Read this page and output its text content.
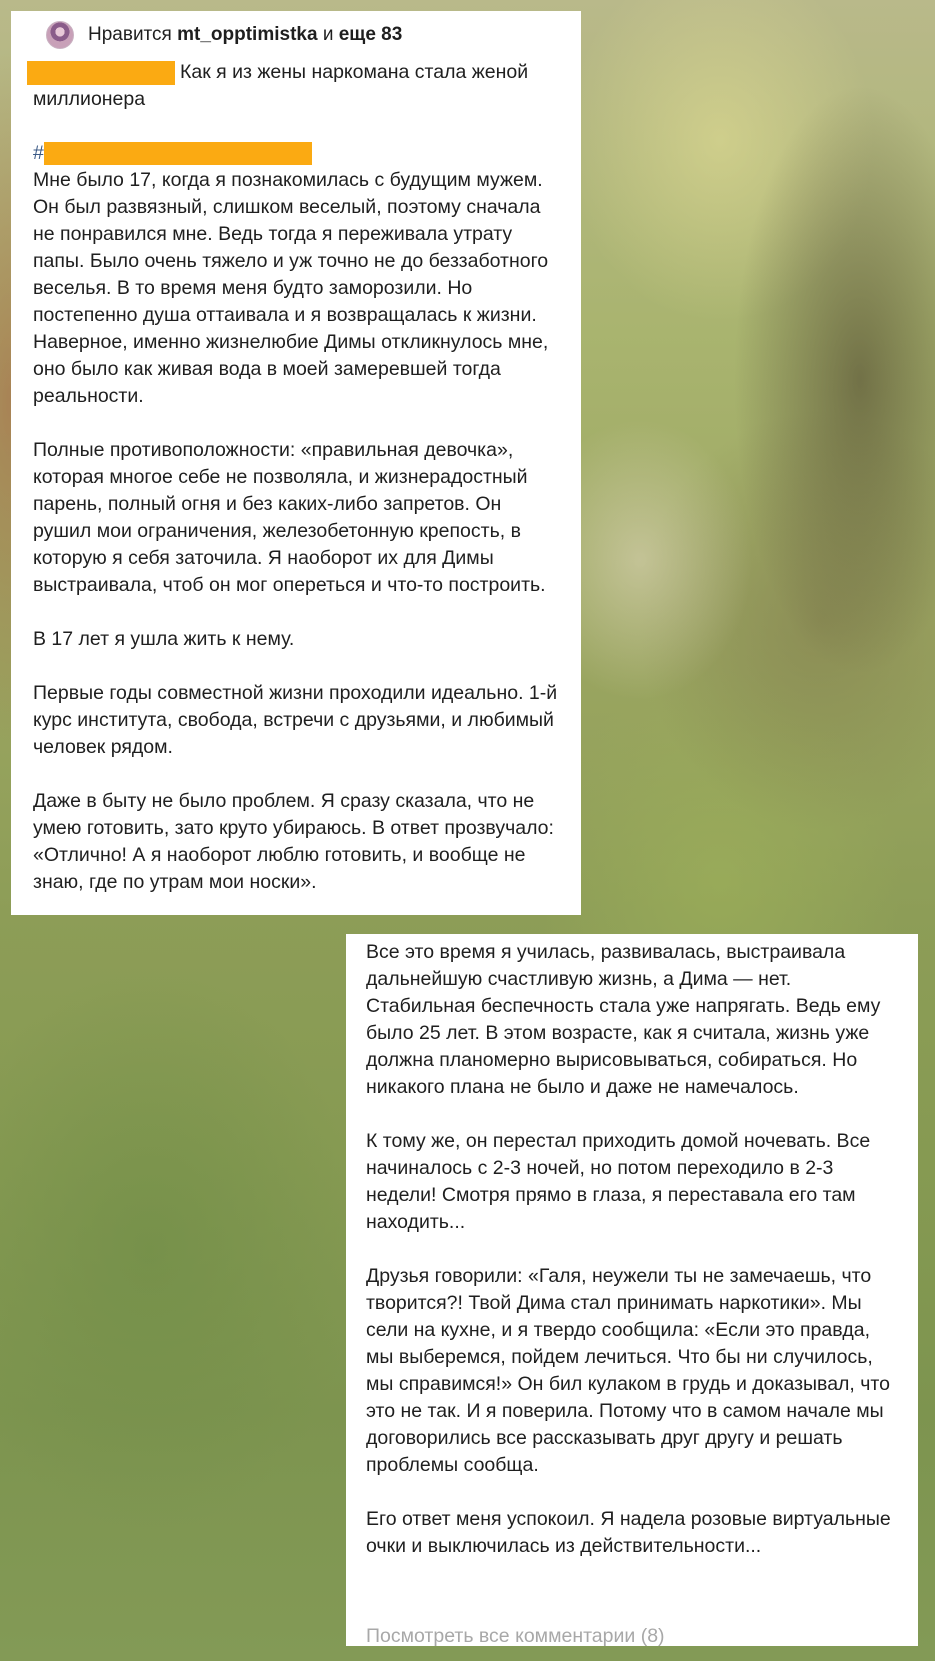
Нравится
mt_opptimistka
и
еще 83

Как я из жены наркомана стала женой миллионера

#

Мне было 17, когда я познакомилась с будущим мужем. Он был развязный, слишком веселый, поэтому сначала не понравился мне. Ведь тогда я переживала утрату папы. Было очень тяжело и уж точно не до беззаботного веселья. В то время меня будто заморозили. Но постепенно душа оттаивала и я возвращалась к жизни. Наверное, именно жизнелюбие Димы откликнулось мне, оно было как живая вода в моей замеревшей тогда реальности.

Полные противоположности: «правильная девочка», которая многое себе не позволяла, и жизнерадостный парень, полный огня и без каких-либо запретов. Он рушил мои ограничения, железобетонную крепость, в которую я себя заточила. Я наоборот их для Димы выстраивала, чтоб он мог опереться и что-то построить.

В 17 лет я ушла жить к нему.

Первые годы совместной жизни проходили идеально. 1-й курс института, свобода, встречи с друзьями, и любимый человек рядом.

Даже в быту не было проблем. Я сразу сказала, что не умею готовить, зато круто убираюсь. В ответ прозвучало: «Отлично! А я наоборот люблю готовить, и вообще не знаю, где по утрам мои носки».

Все это время я училась, развивалась, выстраивала дальнейшую счастливую жизнь, а Дима — нет. Стабильная беспечность стала уже напрягать. Ведь ему было 25 лет. В этом возрасте, как я считала, жизнь уже должна планомерно вырисовываться, собираться. Но никакого плана не было и даже не намечалось.

К тому же, он перестал приходить домой ночевать. Все начиналось с 2-3 ночей, но потом переходило в 2-3 недели! Смотря прямо в глаза, я переставала его там находить...

Друзья говорили: «Галя, неужели ты не замечаешь, что творится?! Твой Дима стал принимать наркотики». Мы сели на кухне, и я твердо сообщила: «Если это правда, мы выберемся, пойдем лечиться. Что бы ни случилось, мы справимся!» Он бил кулаком в грудь и доказывал, что это не так. И я поверила. Потому что в самом начале мы договорились все рассказывать друг другу и решать проблемы сообща.

Его ответ меня успокоил. Я надела розовые виртуальные очки и выключилась из действительности...

Посмотреть все комментарии (8)
